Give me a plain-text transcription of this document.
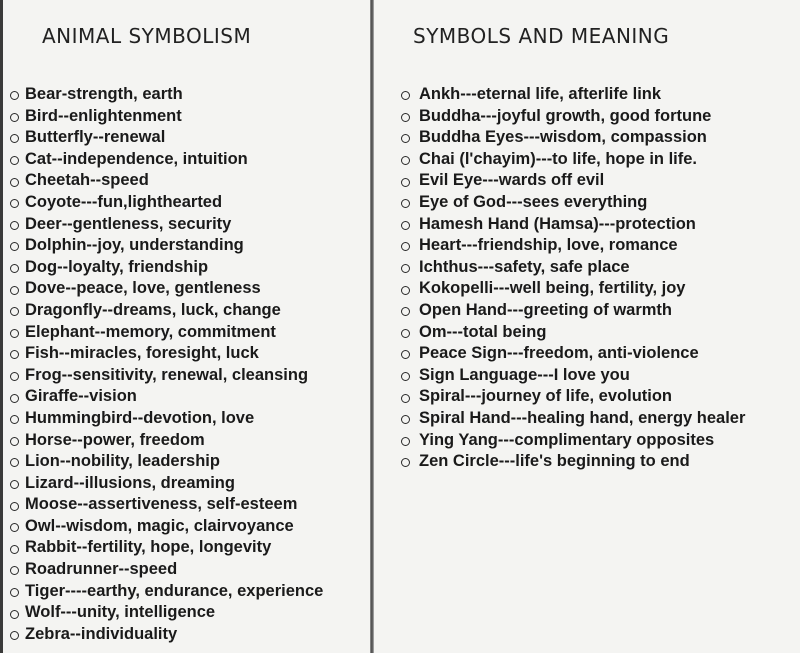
ANIMAL SYMBOLISM
Bear-strength, earth
Bird--enlightenment
Butterfly--renewal
Cat--independence, intuition
Cheetah--speed
Coyote---fun,lighthearted
Deer--gentleness, security
Dolphin--joy, understanding
Dog--loyalty, friendship
Dove--peace, love, gentleness
Dragonfly--dreams, luck, change
Elephant--memory, commitment
Fish--miracles, foresight, luck
Frog--sensitivity, renewal, cleansing
Giraffe--vision
Hummingbird--devotion, love
Horse--power, freedom
Lion--nobility, leadership
Lizard--illusions, dreaming
Moose--assertiveness, self-esteem
Owl--wisdom, magic, clairvoyance
Rabbit--fertility, hope, longevity
Roadrunner--speed
Tiger----earthy, endurance, experience
Wolf---unity, intelligence
Zebra--individuality
SYMBOLS AND MEANING
Ankh---eternal life, afterlife link
Buddha---joyful growth, good fortune
Buddha Eyes---wisdom, compassion
Chai (l'chayim)---to life, hope in life.
Evil Eye---wards off evil
Eye of God---sees everything
Hamesh Hand (Hamsa)---protection
Heart---friendship, love, romance
Ichthus---safety, safe place
Kokopelli---well being, fertility, joy
Open Hand---greeting of warmth
Om---total being
Peace Sign---freedom, anti-violence
Sign Language---I love you
Spiral---journey of life, evolution
Spiral Hand---healing hand, energy healer
Ying Yang---complimentary opposites
Zen Circle---life's beginning to end
